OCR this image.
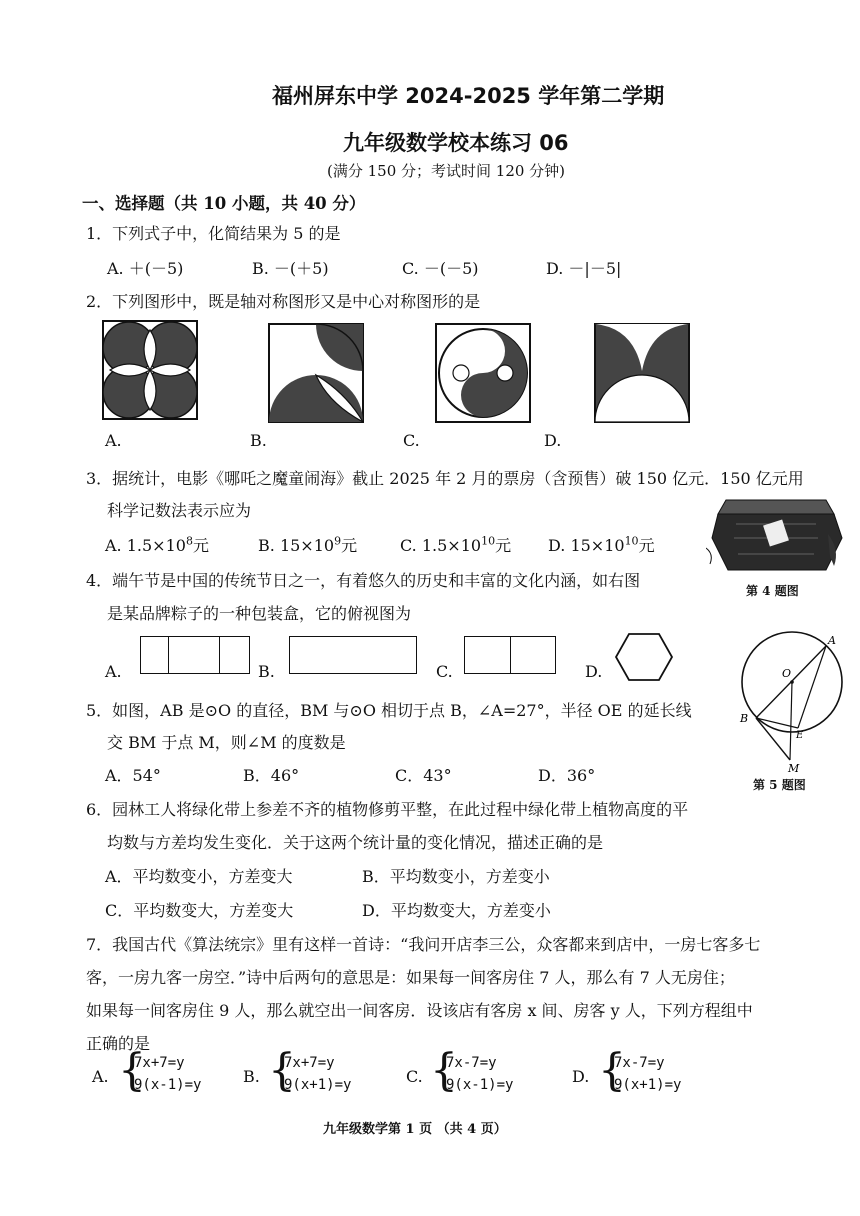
福州屏东中学 2024-2025 学年第二学期
九年级数学校本练习 06
(满分 150 分；考试时间 120 分钟)
一、选择题（共 10 小题，共 40 分）
1．下列式子中，化简结果为 5 的是
A. ＋(－5)	B. －(＋5)	C. －(－5)	D. －|－5|
2．下列图形中，既是轴对称图形又是中心对称图形的是
A.	B.	C.	D.
3．据统计，电影《哪吒之魔童闹海》截止 2025 年 2 月的票房（含预售）破 150 亿元．150 亿元用
科学记数法表示应为
A. $1.5\times 10^8$元	B. $15\times 10^9$元	C. $1.5\times 10^{10}$元 D. $15\times 10^{10}$元
第 4 题图
4．端午节是中国的传统节日之一，有着悠久的历史和丰富的文化内涵，如右图
是某品牌粽子的一种包装盒，它的俯视图为
A.	B.	C.	D.
A
O
B
E
M
第 5 题图
5．如图，AB 是⊙O 的直径，BM 与⊙O 相切于点 B，∠A=27°，半径 OE 的延长线
交 BM 于点 M，则∠M 的度数是
A．54°	B．46°	C．43°	D．36°
6．园林工人将绿化带上参差不齐的植物修剪平整，在此过程中绿化带上植物高度的平
均数与方差均发生变化．关于这两个统计量的变化情况，描述正确的是
A．平均数变小，方差变大	B．平均数变小，方差变小
C．平均数变大，方差变大	D．平均数变大，方差变小
7．我国古代《算法统宗》里有这样一首诗：“我问开店李三公，众客都来到店中，一房七客多七
客，一房九客一房空．”诗中后两句的意思是：如果每一间客房住 7 人，那么有 7 人无房住；
如果每一间客房住 9 人，那么就空出一间客房．设该店有客房 x 间、房客 y 人，下列方程组中
正确的是
A. {
7x+7=y
9(x-1)=y	B. {
7x+7=y
9(x+1)=y	C. {
7x-7=y
9(x-1)=y	D. {
7x-7=y
9(x+1)=y
九年级数学第 1 页 （共 4 页）
